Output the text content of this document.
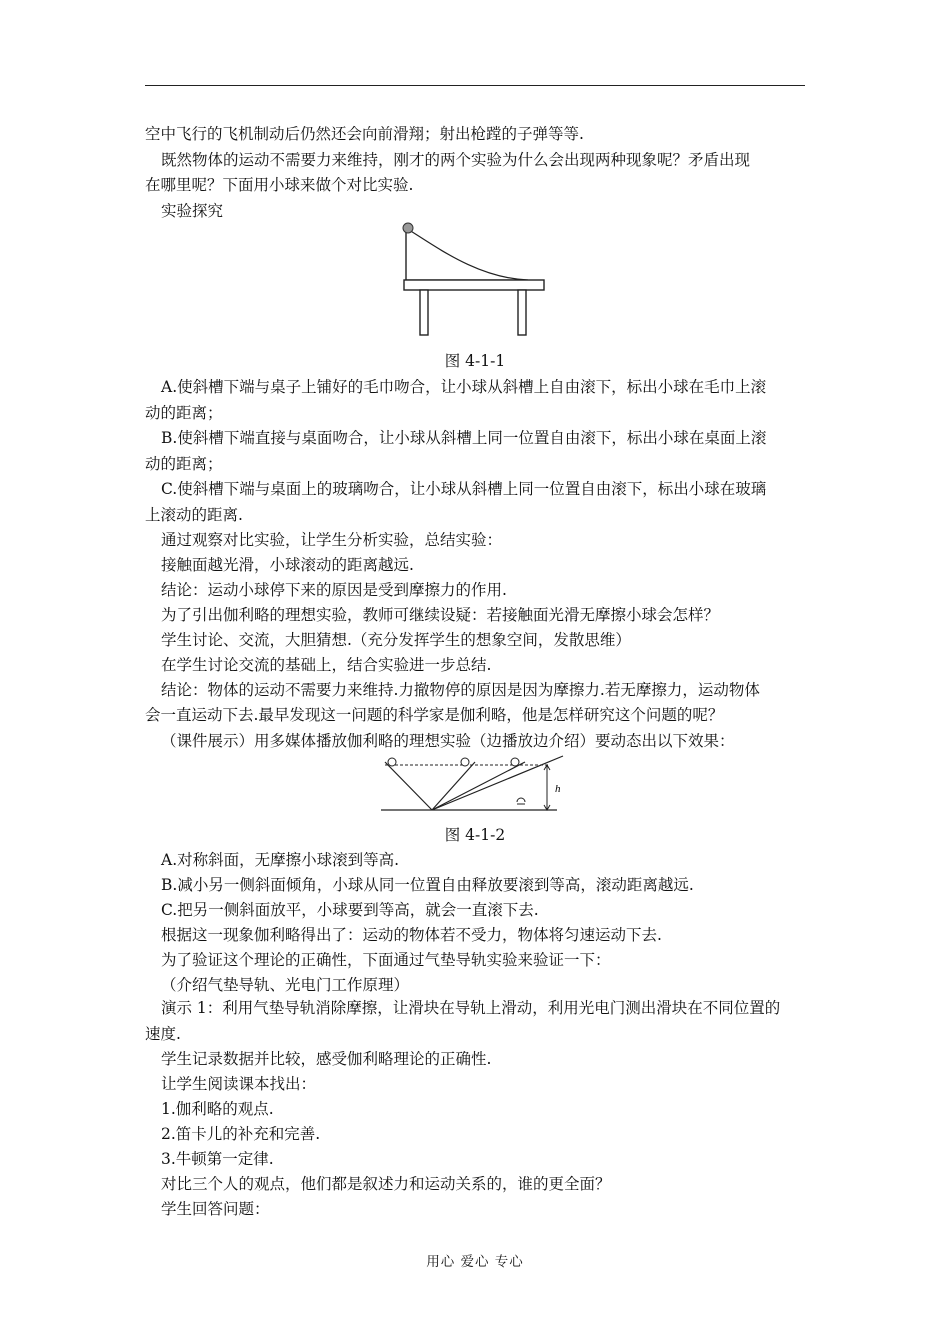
空中飞行的飞机制动后仍然还会向前滑翔；射出枪蹚的子弹等等.
既然物体的运动不需要力来维持，刚才的两个实验为什么会出现两种现象呢？矛盾出现
在哪里呢？下面用小球来做个对比实验.
实验探究
图 4-1-1
A.使斜槽下端与桌子上铺好的毛巾吻合，让小球从斜槽上自由滚下，标出小球在毛巾上滚
动的距离；
B.使斜槽下端直接与桌面吻合，让小球从斜槽上同一位置自由滚下，标出小球在桌面上滚
动的距离；
C.使斜槽下端与桌面上的玻璃吻合，让小球从斜槽上同一位置自由滚下，标出小球在玻璃
上滚动的距离.
通过观察对比实验，让学生分析实验，总结实验：
接触面越光滑，小球滚动的距离越远.
结论：运动小球停下来的原因是受到摩擦力的作用.
为了引出伽利略的理想实验，教师可继续设疑：若接触面光滑无摩擦小球会怎样？
学生讨论、交流，大胆猜想.（充分发挥学生的想象空间，发散思维）
在学生讨论交流的基础上，结合实验进一步总结.
结论：物体的运动不需要力来维持.力撤物停的原因是因为摩擦力.若无摩擦力，运动物体
会一直运动下去.最早发现这一问题的科学家是伽利略，他是怎样研究这个问题的呢？
（课件展示）用多媒体播放伽利略的理想实验（边播放边介绍）要动态出以下效果：
h
图 4-1-2
A.对称斜面，无摩擦小球滚到等高.
B.减小另一侧斜面倾角，小球从同一位置自由释放要滚到等高，滚动距离越远.
C.把另一侧斜面放平，小球要到等高，就会一直滚下去.
根据这一现象伽利略得出了：运动的物体若不受力，物体将匀速运动下去.
为了验证这个理论的正确性，下面通过气垫导轨实验来验证一下：
（介绍气垫导轨、光电门工作原理）
演示 1：利用气垫导轨消除摩擦，让滑块在导轨上滑动，利用光电门测出滑块在不同位置的
速度.
学生记录数据并比较，感受伽利略理论的正确性.
让学生阅读课本找出：
1.伽利略的观点.
2.笛卡儿的补充和完善.
3.牛顿第一定律.
对比三个人的观点，他们都是叙述力和运动关系的，谁的更全面？
学生回答问题：
用心 爱心 专心
